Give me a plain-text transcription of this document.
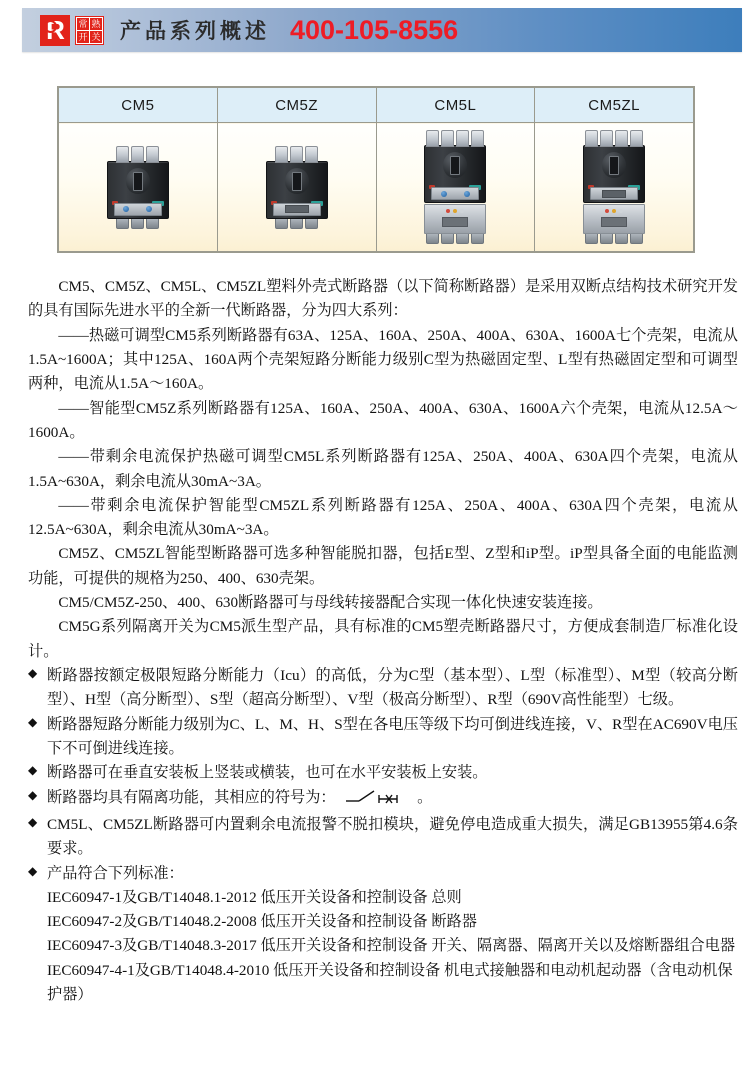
R	常 熟
开 关 产品系列概述 400-105-8556
CM5	CM5Z	CM5L	CM5ZL

CM5、CM5Z、CM5L、CM5ZL塑料外壳式断路器（以下简称断路器）是采用双断点结构技术研究开发的具有国际先进水平的全新一代断路器，分为四大系列：

——热磁可调型CM5系列断路器有63A、125A、160A、250A、400A、630A、1600A七个壳架，电流从1.5A~1600A；其中125A、160A两个壳架短路分断能力级别C型为热磁固定型、L型有热磁固定型和可调型两种，电流从1.5A～160A。

——智能型CM5Z系列断路器有125A、160A、250A、400A、630A、1600A六个壳架，电流从12.5A～1600A。

——带剩余电流保护热磁可调型CM5L系列断路器有125A、250A、400A、630A四个壳架，电流从1.5A~630A，剩余电流从30mA~3A。

——带剩余电流保护智能型CM5ZL系列断路器有125A、250A、400A、630A四个壳架，电流从12.5A~630A，剩余电流从30mA~3A。

CM5Z、CM5ZL智能型断路器可选多种智能脱扣器，包括E型、Z型和iP型。iP型具备全面的电能监测功能，可提供的规格为250、400、630壳架。

CM5/CM5Z-250、400、630断路器可与母线转接器配合实现一体化快速安装连接。

CM5G系列隔离开关为CM5派生型产品，具有标准的CM5塑壳断路器尺寸，方便成套制造厂标准化设计。

◆ 断路器按额定极限短路分断能力（Icu）的高低，分为C型（基本型）、L型（标准型）、M型（较高分断型）、H型（高分断型）、S型（超高分断型）、V型（极高分断型）、R型（690V高性能型）七级。
◆ 断路器短路分断能力级别为C、L、M、H、S型在各电压等级下均可倒进线连接，V、R型在AC690V电压下不可倒进线连接。
◆ 断路器可在垂直安装板上竖装或横装，也可在水平安装板上安装。
◆ 断路器均具有隔离功能，其相应的符号为：	。
◆ CM5L、CM5ZL断路器可内置剩余电流报警不脱扣模块，避免停电造成重大损失，满足GB13955第4.6条要求。
◆ 产品符合下列标准：
IEC60947-1及GB/T14048.1-2012 低压开关设备和控制设备 总则
IEC60947-2及GB/T14048.2-2008 低压开关设备和控制设备 断路器
IEC60947-3及GB/T14048.3-2017 低压开关设备和控制设备 开关、隔离器、隔离开关以及熔断器组合电器
IEC60947-4-1及GB/T14048.4-2010 低压开关设备和控制设备 机电式接触器和电动机起动器（含电动机保护器）
